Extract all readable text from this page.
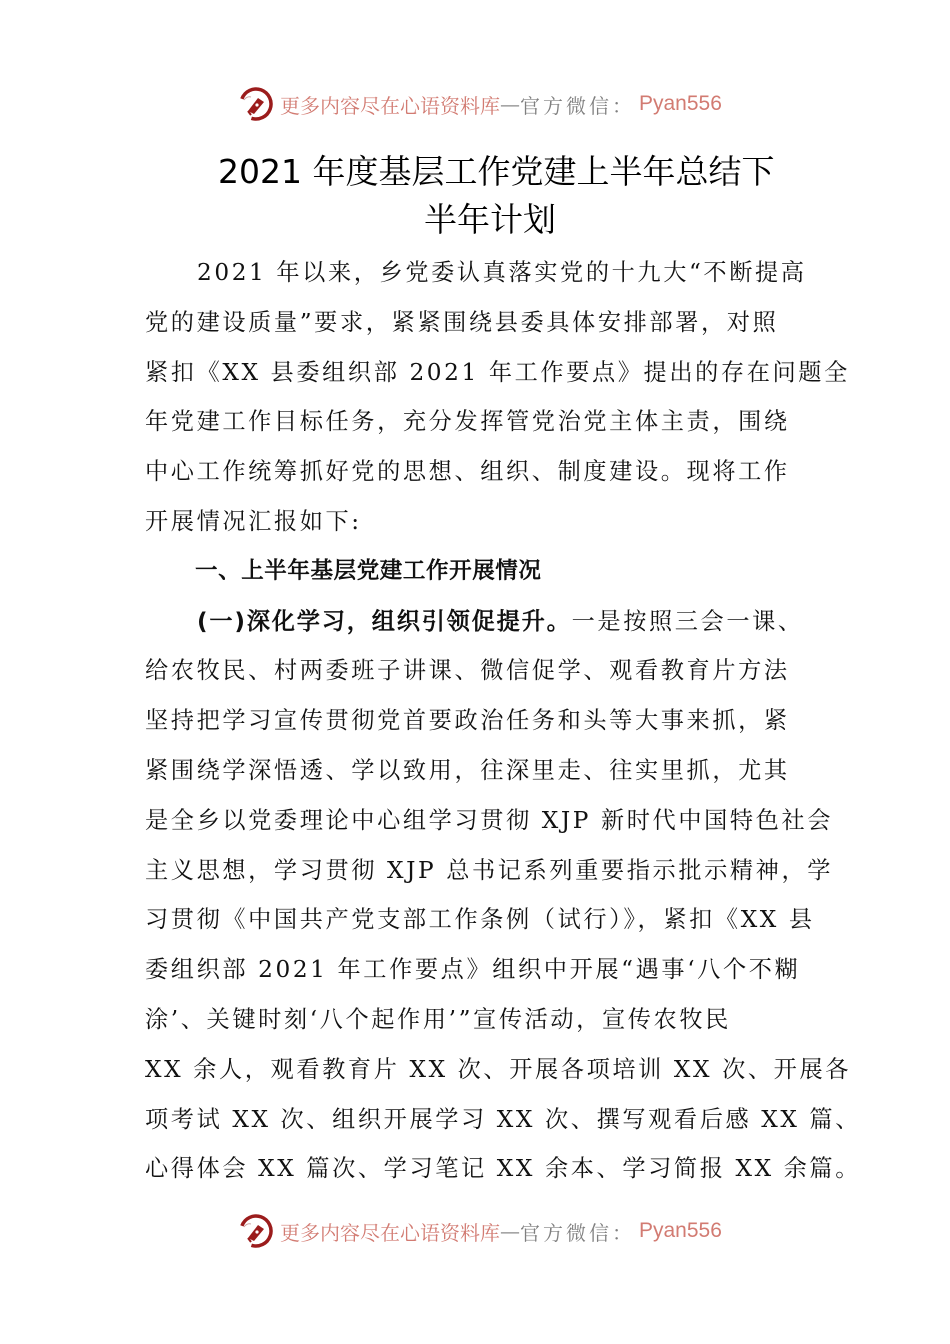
更多内容尽在心语资料库 — 官方微信： Pyan556
2021 年度基层工作党建上半年总结下
半年计划

2021 年以来，乡党委认真落实党的十九大“不断提高
党的建设质量”要求，紧紧围绕县委具体安排部署，对照
紧扣《XX 县委组织部 2021 年工作要点》提出的存在问题全
年党建工作目标任务，充分发挥管党治党主体主责，围绕
中心工作统筹抓好党的思想、组织、制度建设。现将工作
开展情况汇报如下:

一、上半年基层党建工作开展情况

(一)深化学习，组织引领促提升。一是按照三会一课、
给农牧民、村两委班子讲课、微信促学、观看教育片方法
坚持把学习宣传贯彻党首要政治任务和头等大事来抓，紧
紧围绕学深悟透、学以致用，往深里走、往实里抓，尤其
是全乡以党委理论中心组学习贯彻 XJP 新时代中国特色社会
主义思想，学习贯彻 XJP 总书记系列重要指示批示精神，学
习贯彻《中国共产党支部工作条例（试行）》，紧扣《XX 县
委组织部 2021 年工作要点》组织中开展“遇事‘八个不糊
涂’、关键时刻‘八个起作用’”宣传活动，宣传农牧民
XX 余人，观看教育片 XX 次、开展各项培训 XX 次、开展各
项考试 XX 次、组织开展学习 XX 次、撰写观看后感 XX 篇、
心得体会 XX 篇次、学习笔记 XX 余本、学习简报 XX 余篇。

更多内容尽在心语资料库 — 官方微信： Pyan556
